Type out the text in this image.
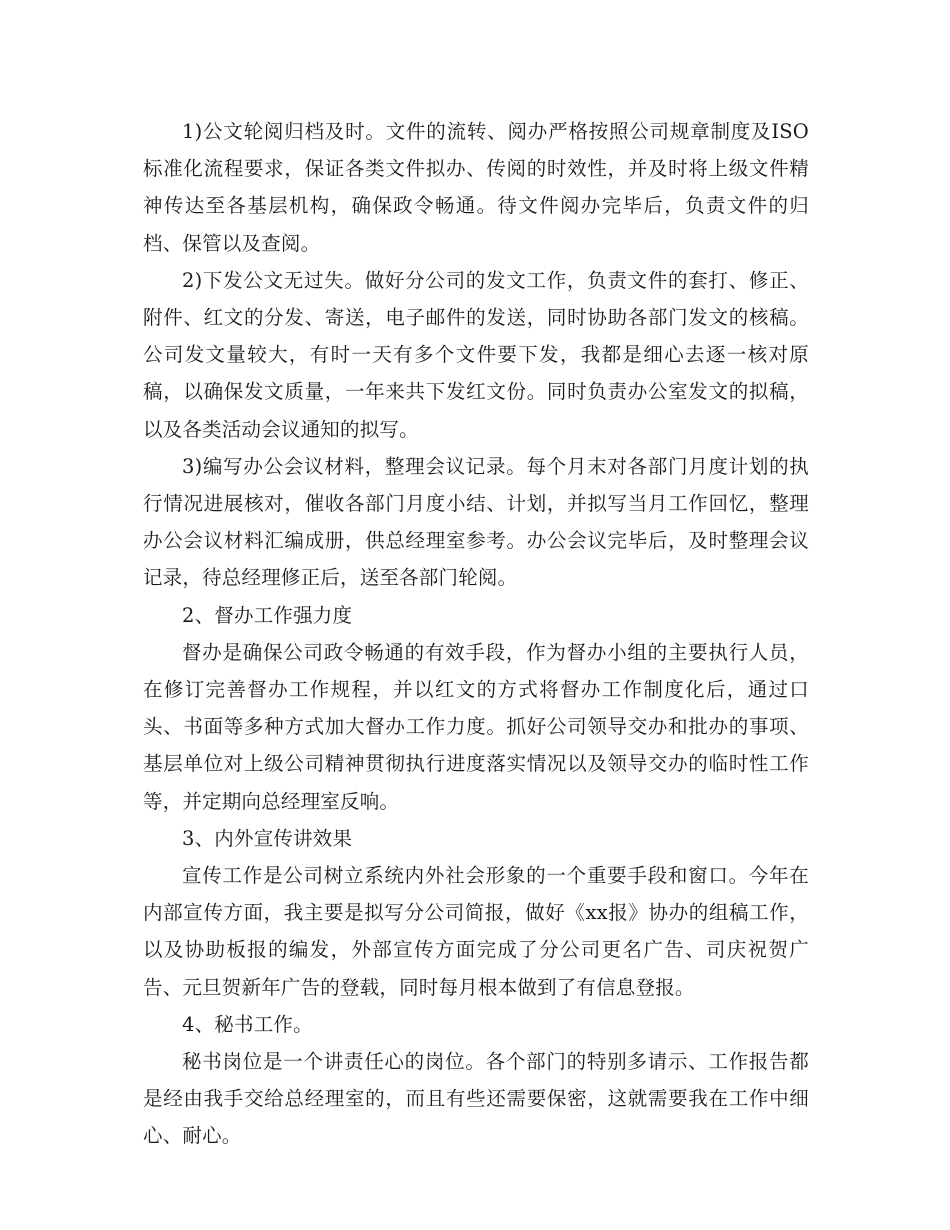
1)公文轮阅归档及时。文件的流转、阅办严格按照公司规章制度及ISO标准化流程要求，保证各类文件拟办、传阅的时效性，并及时将上级文件精神传达至各基层机构，确保政令畅通。待文件阅办完毕后，负责文件的归档、保管以及查阅。

2)下发公文无过失。做好分公司的发文工作，负责文件的套打、修正、附件、红文的分发、寄送，电子邮件的发送，同时协助各部门发文的核稿。公司发文量较大，有时一天有多个文件要下发，我都是细心去逐一核对原稿，以确保发文质量，一年来共下发红文份。同时负责办公室发文的拟稿，以及各类活动会议通知的拟写。

3)编写办公会议材料，整理会议记录。每个月末对各部门月度计划的执行情况进展核对，催收各部门月度小结、计划，并拟写当月工作回忆，整理办公会议材料汇编成册，供总经理室参考。办公会议完毕后，及时整理会议记录，待总经理修正后，送至各部门轮阅。

2、督办工作强力度

督办是确保公司政令畅通的有效手段，作为督办小组的主要执行人员，在修订完善督办工作规程，并以红文的方式将督办工作制度化后，通过口头、书面等多种方式加大督办工作力度。抓好公司领导交办和批办的事项、基层单位对上级公司精神贯彻执行进度落实情况以及领导交办的临时性工作等，并定期向总经理室反响。

3、内外宣传讲效果

宣传工作是公司树立系统内外社会形象的一个重要手段和窗口。今年在内部宣传方面，我主要是拟写分公司简报，做好《xx报》协办的组稿工作，以及协助板报的编发，外部宣传方面完成了分公司更名广告、司庆祝贺广告、元旦贺新年广告的登载，同时每月根本做到了有信息登报。

4、秘书工作。

秘书岗位是一个讲责任心的岗位。各个部门的特别多请示、工作报告都是经由我手交给总经理室的，而且有些还需要保密，这就需要我在工作中细心、耐心。
